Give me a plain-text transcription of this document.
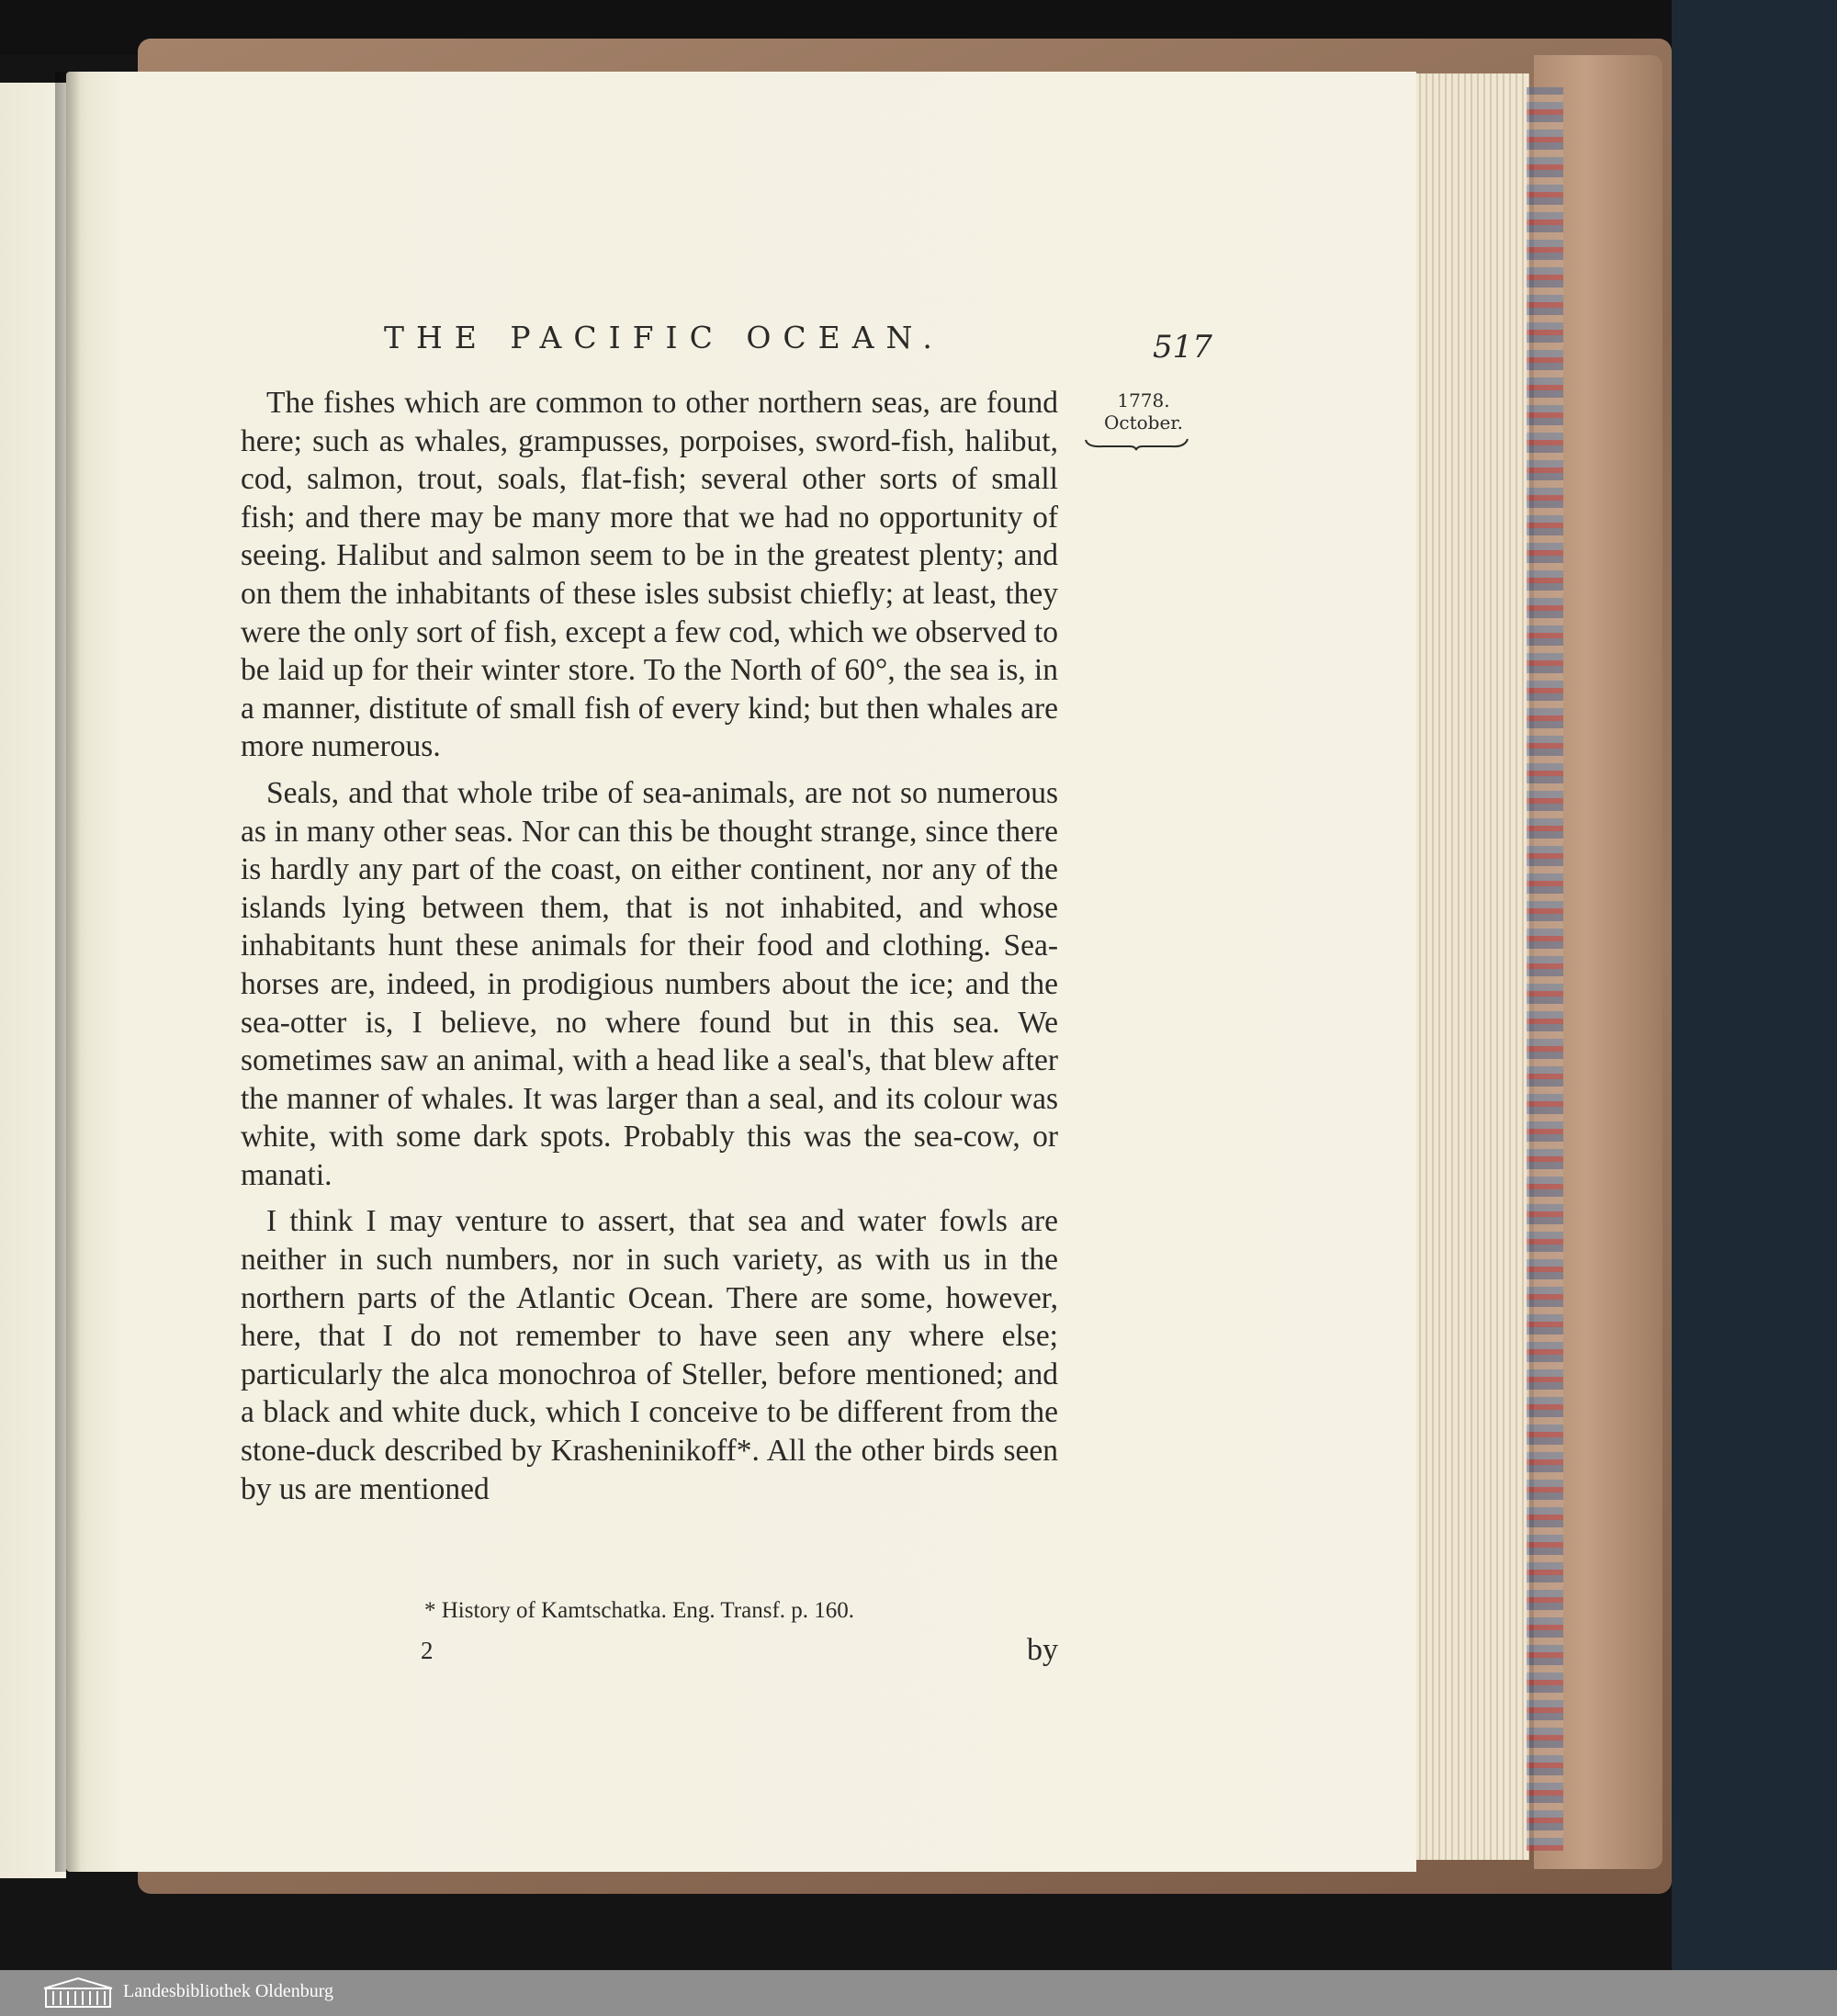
THE PACIFIC OCEAN.	517
1778.
October.

The fishes which are common to other northern seas, are found here; such as whales, grampusses, porpoises, sword-fish, halibut, cod, salmon, trout, soals, flat-fish; several other sorts of small fish; and there may be many more that we had no opportunity of seeing. Halibut and salmon seem to be in the greatest plenty; and on them the inhabitants of these isles subsist chiefly; at least, they were the only sort of fish, except a few cod, which we observed to be laid up for their winter store. To the North of 60°, the sea is, in a manner, distitute of small fish of every kind; but then whales are more numerous.

Seals, and that whole tribe of sea-animals, are not so numerous as in many other seas. Nor can this be thought strange, since there is hardly any part of the coast, on either continent, nor any of the islands lying between them, that is not inhabited, and whose inhabitants hunt these animals for their food and clothing. Sea-horses are, indeed, in prodigious numbers about the ice; and the sea-otter is, I believe, no where found but in this sea. We sometimes saw an animal, with a head like a seal's, that blew after the manner of whales. It was larger than a seal, and its colour was white, with some dark spots. Probably this was the sea-cow, or manati.

I think I may venture to assert, that sea and water fowls are neither in such numbers, nor in such variety, as with us in the northern parts of the Atlantic Ocean. There are some, however, here, that I do not remember to have seen any where else; particularly the alca monochroa of Steller, before mentioned; and a black and white duck, which I conceive to be different from the stone-duck described by Krasheninikoff*. All the other birds seen by us are mentioned

* History of Kamtschatka. Eng. Transf. p. 160.
2	by
Landesbibliothek Oldenburg
